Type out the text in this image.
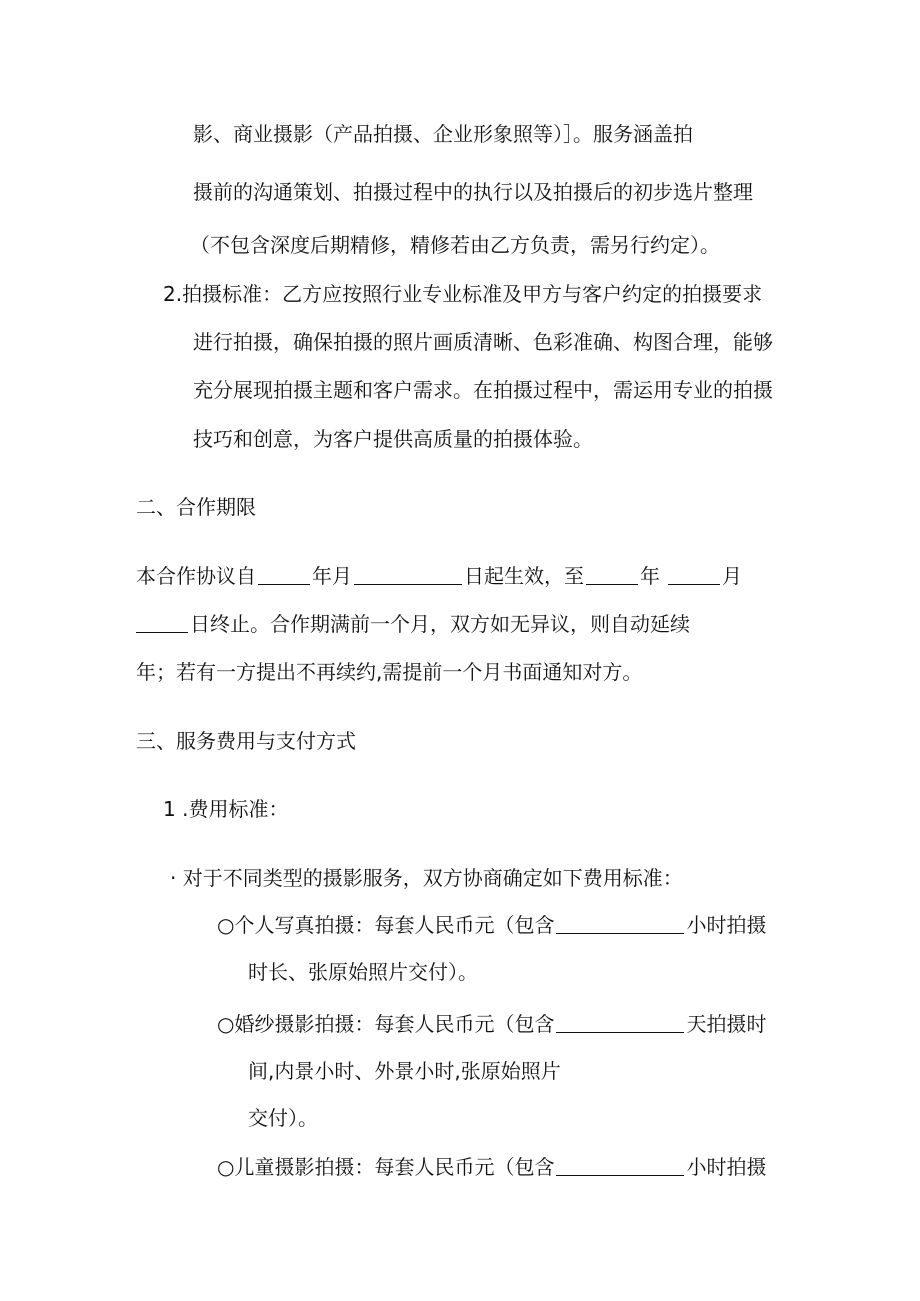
影、商业摄影（产品拍摄、企业形象照等）］。服务涵盖拍
摄前的沟通策划、拍摄过程中的执行以及拍摄后的初步选片整理
（不包含深度后期精修，精修若由乙方负责，需另行约定）。
2.拍摄标准：乙方应按照行业专业标准及甲方与客户约定的拍摄要求
进行拍摄，确保拍摄的照片画质清晰、色彩准确、构图合理，能够
充分展现拍摄主题和客户需求。在拍摄过程中，需运用专业的拍摄
技巧和创意，为客户提供高质量的拍摄体验。
二、合作期限
本合作协议自	年月	日起生效，至	年	月
日终止。合作期满前一个月，双方如无异议，则自动延续
年；若有一方提出不再续约,需提前一个月书面通知对方。
三、服务费用与支付方式
1 .费用标准：
· 对于不同类型的摄影服务，双方协商确定如下费用标准：
○个人写真拍摄：每套人民币元（包含	小时拍摄
时长、张原始照片交付）。
○婚纱摄影拍摄：每套人民币元（包含	天拍摄时
间,内景小时、外景小时,张原始照片
交付）。
○儿童摄影拍摄：每套人民币元（包含	小时拍摄
